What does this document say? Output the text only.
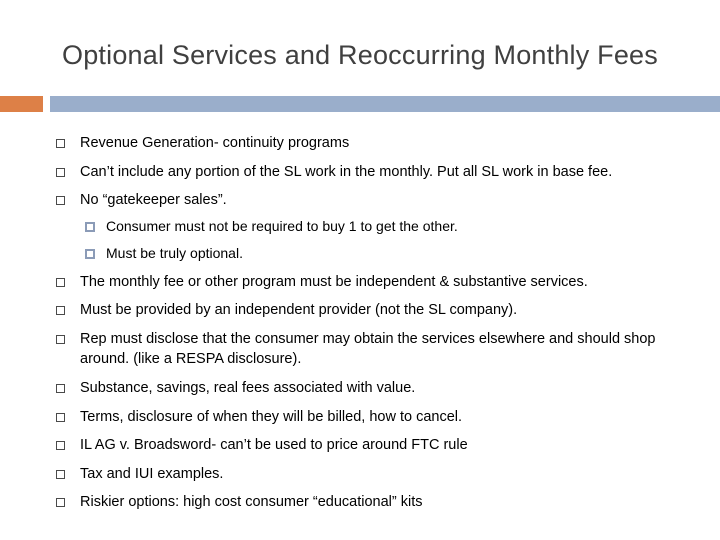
Optional Services and Reoccurring Monthly Fees
Revenue Generation- continuity programs
Can’t include any portion of the SL work in the monthly. Put all SL work in base fee.
No “gatekeeper sales”.
Consumer must not be required to buy 1 to get the other.
Must be truly optional.
The monthly fee or other program must be independent & substantive services.
Must be provided by an independent provider (not the SL company).
Rep must disclose that the consumer may obtain the services elsewhere and should shop around. (like a RESPA disclosure).
Substance, savings, real fees associated with value.
Terms, disclosure of when they will be billed, how to cancel.
IL AG v. Broadsword- can’t be used to price around FTC rule
Tax and IUI examples.
Riskier options: high cost consumer “educational” kits
